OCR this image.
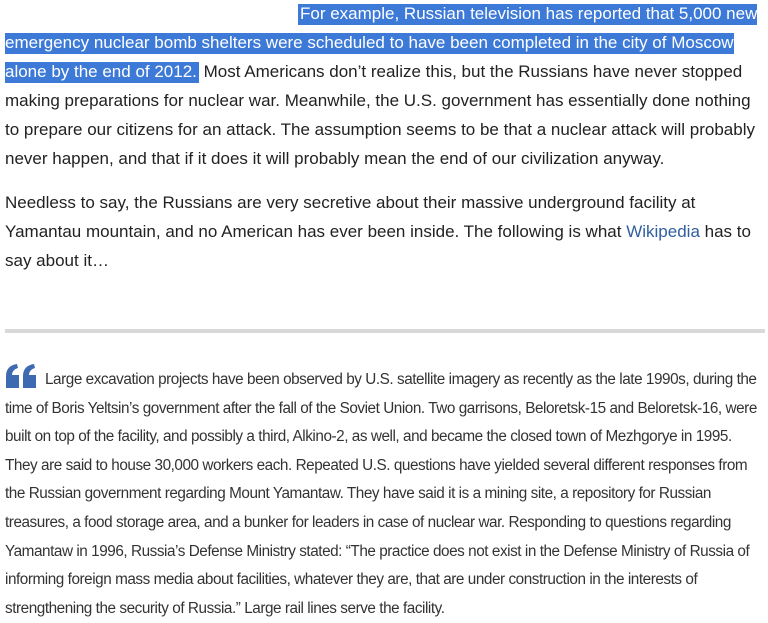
For example, Russian television has reported that 5,000 new emergency nuclear bomb shelters were scheduled to have been completed in the city of Moscow alone by the end of 2012. Most Americans don’t realize this, but the Russians have never stopped making preparations for nuclear war. Meanwhile, the U.S. government has essentially done nothing to prepare our citizens for an attack. The assumption seems to be that a nuclear attack will probably never happen, and that if it does it will probably mean the end of our civilization anyway.

Needless to say, the Russians are very secretive about their massive underground facility at Yamantau mountain, and no American has ever been inside. The following is what Wikipedia has to say about it…

Large excavation projects have been observed by U.S. satellite imagery as recently as the late 1990s, during the time of Boris Yeltsin’s government after the fall of the Soviet Union. Two garrisons, Beloretsk-15 and Beloretsk-16, were built on top of the facility, and possibly a third, Alkino-2, as well, and became the closed town of Mezhgorye in 1995. They are said to house 30,000 workers each. Repeated U.S. questions have yielded several different responses from the Russian government regarding Mount Yamantaw. They have said it is a mining site, a repository for Russian treasures, a food storage area, and a bunker for leaders in case of nuclear war. Responding to questions regarding Yamantaw in 1996, Russia’s Defense Ministry stated: “The practice does not exist in the Defense Ministry of Russia of informing foreign mass media about facilities, whatever they are, that are under construction in the interests of strengthening the security of Russia.” Large rail lines serve the facility.
